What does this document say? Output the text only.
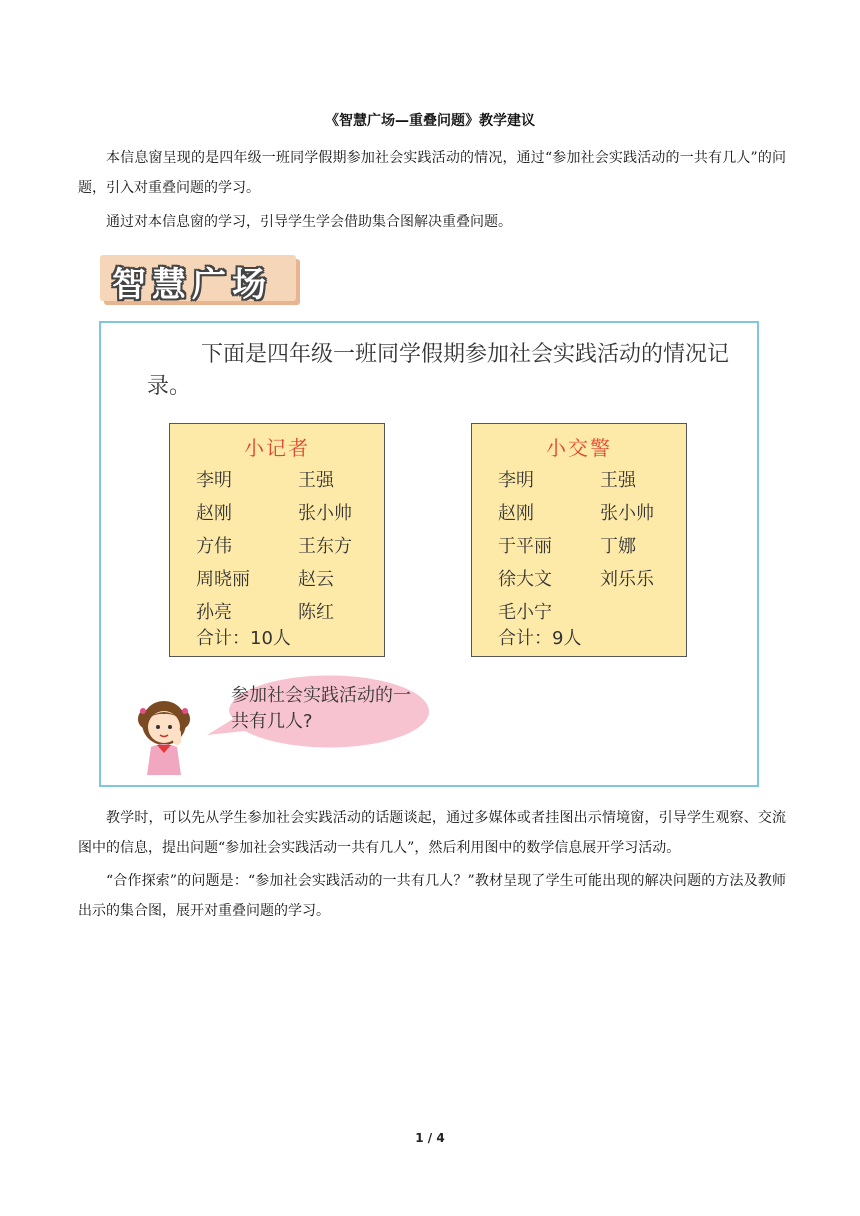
《智慧广场—重叠问题》教学建议

本信息窗呈现的是四年级一班同学假期参加社会实践活动的情况，通过“参加社会实践活动的一共有几人”的问题，引入对重叠问题的学习。

通过对本信息窗的学习，引导学生学会借助集合图解决重叠问题。

智慧广场

下面是四年级一班同学假期参加社会实践活动的情况记录。

小记者
李明	王强
赵刚	张小帅
方伟	王东方
周晓丽	赵云
孙亮	陈红
合计：10人
小交警
李明	王强
赵刚	张小帅
于平丽	丁娜
徐大文	刘乐乐
毛小宁
合计：9人
参加社会实践活动的一共有几人?

教学时，可以先从学生参加社会实践活动的话题谈起，通过多媒体或者挂图出示情境窗，引导学生观察、交流图中的信息，提出问题“参加社会实践活动一共有几人”，然后利用图中的数学信息展开学习活动。

“合作探索”的问题是：“参加社会实践活动的一共有几人？”教材呈现了学生可能出现的解决问题的方法及教师出示的集合图，展开对重叠问题的学习。

1 / 4
